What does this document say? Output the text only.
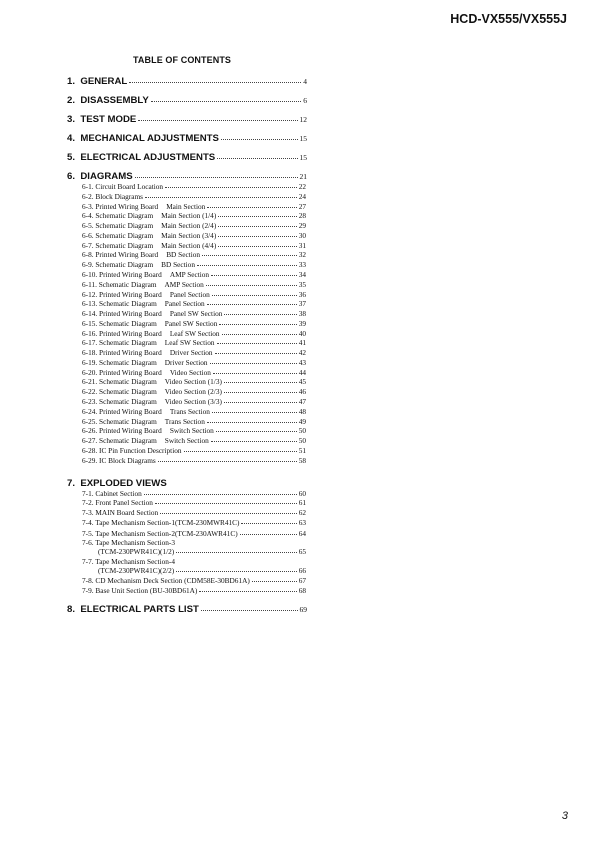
HCD-VX555/VX555J
TABLE OF CONTENTS
1. GENERAL	4
2. DISASSEMBLY	6
3. TEST MODE	12
4. MECHANICAL ADJUSTMENTS	15
5. ELECTRICAL ADJUSTMENTS	15
6. DIAGRAMS	21
6-1. Circuit Board Location	22
6-2. Block Diagrams	24
6-3. Printed Wiring Board Main Section	27
6-4. Schematic Diagram Main Section (1/4)	28
6-5. Schematic Diagram Main Section (2/4)	29
6-6. Schematic Diagram Main Section (3/4)	30
6-7. Schematic Diagram Main Section (4/4)	31
6-8. Printed Wiring Board BD Section	32
6-9. Schematic Diagram BD Section	33
6-10. Printed Wiring Board AMP Section	34
6-11. Schematic Diagram AMP Section	35
6-12. Printed Wiring Board Panel Section	36
6-13. Schematic Diagram Panel Section	37
6-14. Printed Wiring Board Panel SW Section	38
6-15. Schematic Diagram Panel SW Section	39
6-16. Printed Wiring Board Leaf SW Section	40
6-17. Schematic Diagram Leaf SW Section	41
6-18. Printed Wiring Board Driver Section	42
6-19. Schematic Diagram Driver Section	43
6-20. Printed Wiring Board Video Section	44
6-21. Schematic Diagram Video Section (1/3)	45
6-22. Schematic Diagram Video Section (2/3)	46
6-23. Schematic Diagram Video Section (3/3)	47
6-24. Printed Wiring Board Trans Section	48
6-25. Schematic Diagram Trans Section	49
6-26. Printed Wiring Board Switch Section	50
6-27. Schematic Diagram Switch Section	50
6-28. IC Pin Function Description	51
6-29. IC Block Diagrams	58
7. EXPLODED VIEWS
7-1. Cabinet Section	60
7-2. Front Panel Section	61
7-3. MAIN Board Section	62
7-4. Tape Mechanism Section-1(TCM-230MWR41C)	63
7-5. Tape Mechanism Section-2(TCM-230AWR41C)	64
7-6. Tape Mechanism Section-3
(TCM-230PWR41C)(1/2)	65
7-7. Tape Mechanism Section-4
(TCM-230PWR41C)(2/2)	66
7-8. CD Mechanism Deck Section (CDM58E-30BD61A)	67
7-9. Base Unit Section (BU-30BD61A)	68
8. ELECTRICAL PARTS LIST	69
3
